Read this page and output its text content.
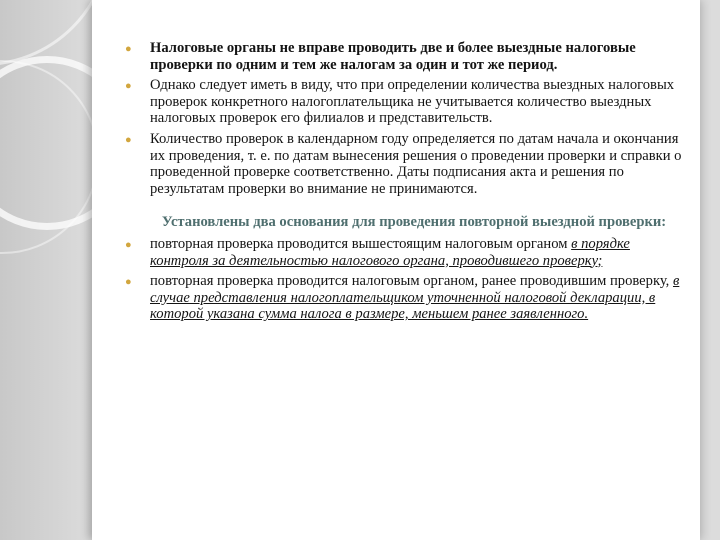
● Налоговые органы не вправе проводить две и более выездные налоговые проверки по одним и тем же налогам за один и тот же период.
● Однако следует иметь в виду, что при определении количества выездных налоговых проверок конкретного налогоплательщика не учитывается количество выездных налоговых проверок его филиалов и представительств.
● Количество проверок в календарном году определяется по датам начала и окончания их проведения, т. е. по датам вынесения решения о проведении проверки и справки о проведенной проверке соответственно. Даты подписания акта и решения по результатам проверки во внимание не принимаются.
Установлены два основания для проведения повторной выездной проверки:
● повторная проверка проводится вышестоящим налоговым органом в порядке контроля за деятельностью налогового органа, проводившего проверку;
● повторная проверка проводится налоговым органом, ранее проводившим проверку, в случае представления налогоплательщиком уточненной налоговой декларации, в которой указана сумма налога в размере, меньшем ранее заявленного.
